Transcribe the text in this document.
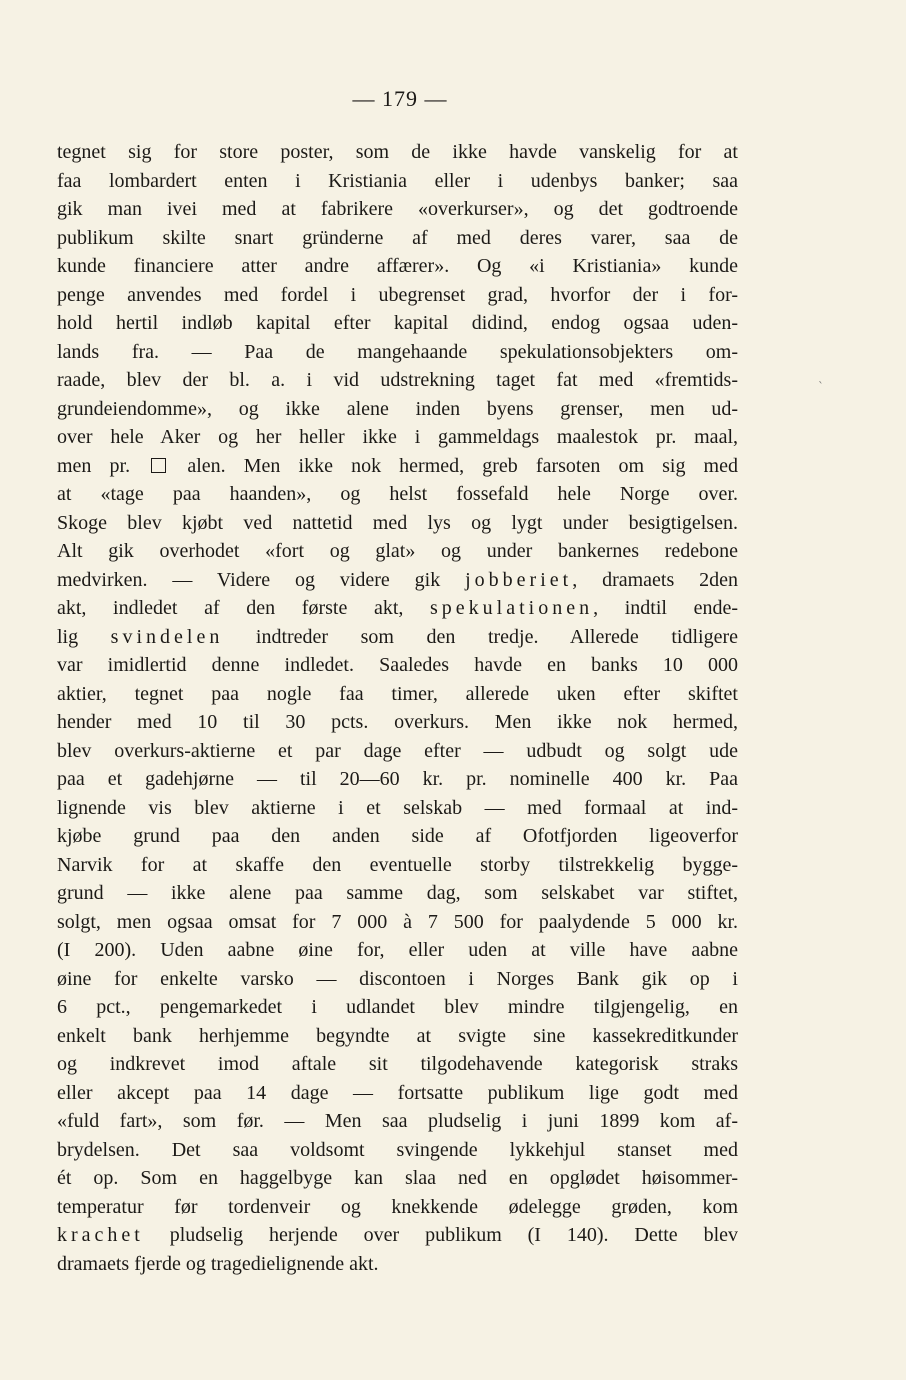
— 179 —
tegnet sig for store poster, som de ikke havde vanskelig for at
faa lombardert enten i Kristiania eller i udenbys banker; saa
gik man ivei med at fabrikere «overkurser», og det godtroende
publikum skilte snart gründerne af med deres varer, saa de
kunde financiere atter andre affærer». Og «i Kristiania» kunde
penge anvendes med fordel i ubegrenset grad, hvorfor der i for-
hold hertil indløb kapital efter kapital didind, endog ogsaa uden-
lands fra. — Paa de mangehaande spekulationsobjekters om-
raade, blev der bl. a. i vid udstrekning taget fat med «fremtids-
grundeiendomme», og ikke alene inden byens grenser, men ud-
over hele Aker og her heller ikke i gammeldags maalestok pr. maal,
men pr.  alen. Men ikke nok hermed, greb farsoten om sig med
at «tage paa haanden», og helst fossefald hele Norge over.
Skoge blev kjøbt ved nattetid med lys og lygt under besigtigelsen.
Alt gik overhodet «fort og glat» og under bankernes redebone
medvirken. — Videre og videre gik jobberiet, dramaets 2den
akt, indledet af den første akt, spekulationen, indtil ende-
lig svindelen indtreder som den tredje. Allerede tidligere
var imidlertid denne indledet. Saaledes havde en banks 10 000
aktier, tegnet paa nogle faa timer, allerede uken efter skiftet
hender med 10 til 30 pcts. overkurs. Men ikke nok hermed,
blev overkurs-aktierne et par dage efter — udbudt og solgt ude
paa et gadehjørne — til 20—60 kr. pr. nominelle 400 kr. Paa
lignende vis blev aktierne i et selskab — med formaal at ind-
kjøbe grund paa den anden side af Ofotfjorden ligeoverfor
Narvik for at skaffe den eventuelle storby tilstrekkelig bygge-
grund — ikke alene paa samme dag, som selskabet var stiftet,
solgt, men ogsaa omsat for 7 000 à 7 500 for paalydende 5 000 kr.
(I 200). Uden aabne øine for, eller uden at ville have aabne
øine for enkelte varsko — discontoen i Norges Bank gik op i
6 pct., pengemarkedet i udlandet blev mindre tilgjengelig, en
enkelt bank herhjemme begyndte at svigte sine kassekreditkunder
og indkrevet imod aftale sit tilgodehavende kategorisk straks
eller akcept paa 14 dage — fortsatte publikum lige godt med
«fuld fart», som før. — Men saa pludselig i juni 1899 kom af-
brydelsen. Det saa voldsomt svingende lykkehjul stanset med
ét op. Som en haggelbyge kan slaa ned en opglødet høisommer-
temperatur før tordenveir og knekkende ødelegge grøden, kom
krachet pludselig herjende over publikum (I 140). Dette blev
dramaets fjerde og tragedielignende akt.
`
